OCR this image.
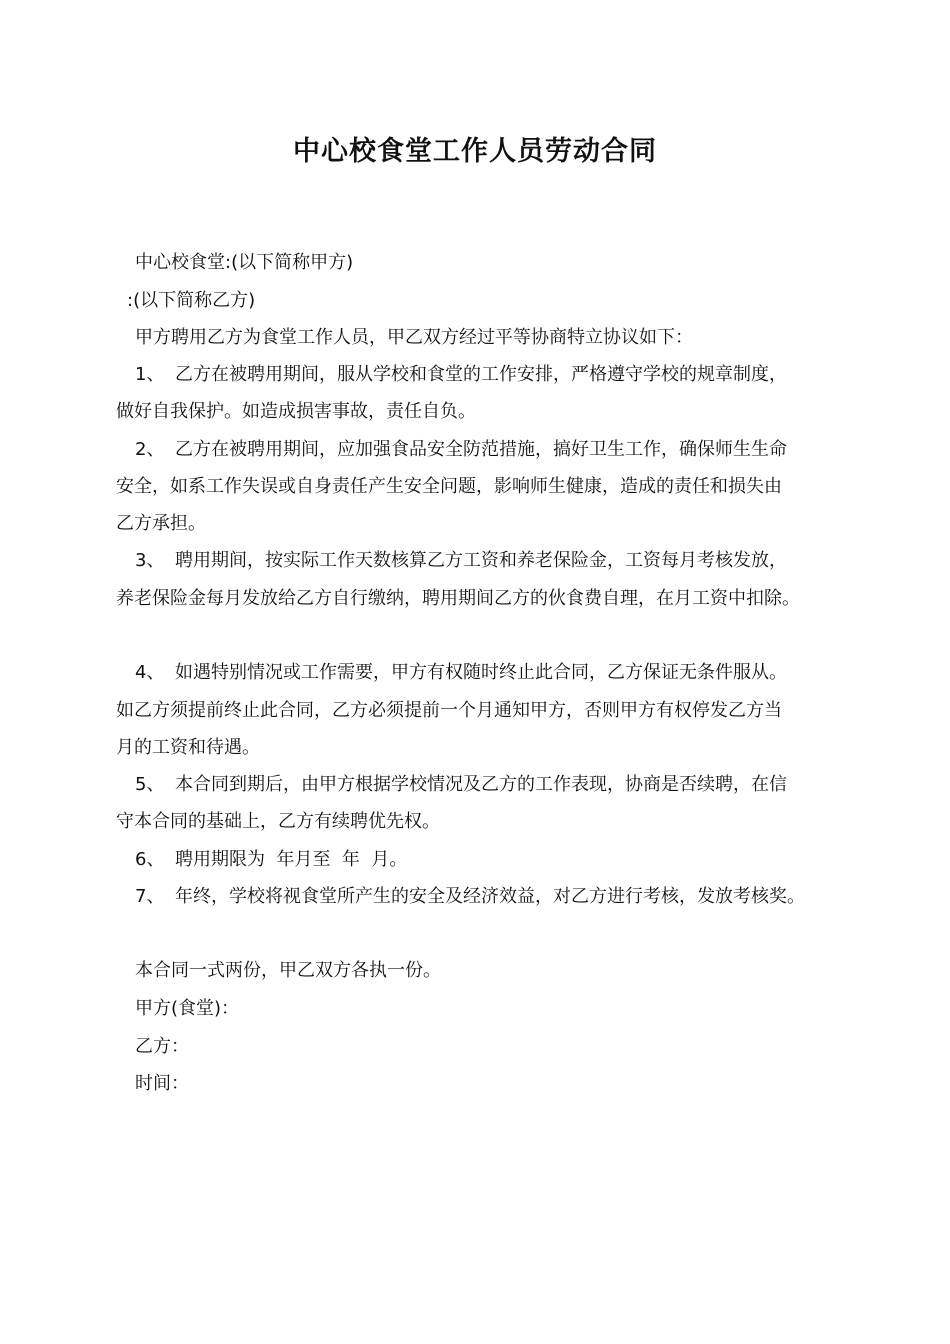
中心校食堂工作人员劳动合同
中心校食堂:(以下简称甲方)
:(以下简称乙方)
甲方聘用乙方为食堂工作人员，甲乙双方经过平等协商特立协议如下：
1、 乙方在被聘用期间，服从学校和食堂的工作安排，严格遵守学校的规章制度，
做好自我保护。如造成损害事故，责任自负。
2、 乙方在被聘用期间，应加强食品安全防范措施，搞好卫生工作，确保师生生命
安全，如系工作失误或自身责任产生安全问题，影响师生健康，造成的责任和损失由
乙方承担。
3、 聘用期间，按实际工作天数核算乙方工资和养老保险金，工资每月考核发放，
养老保险金每月发放给乙方自行缴纳，聘用期间乙方的伙食费自理，在月工资中扣除。
4、 如遇特别情况或工作需要，甲方有权随时终止此合同，乙方保证无条件服从。
如乙方须提前终止此合同，乙方必须提前一个月通知甲方，否则甲方有权停发乙方当
月的工资和待遇。
5、 本合同到期后，由甲方根据学校情况及乙方的工作表现，协商是否续聘，在信
守本合同的基础上，乙方有续聘优先权。
6、 聘用期限为  年月至  年  月。
7、 年终，学校将视食堂所产生的安全及经济效益，对乙方进行考核，发放考核奖。
本合同一式两份，甲乙双方各执一份。
甲方(食堂)：
乙方：
时间：
